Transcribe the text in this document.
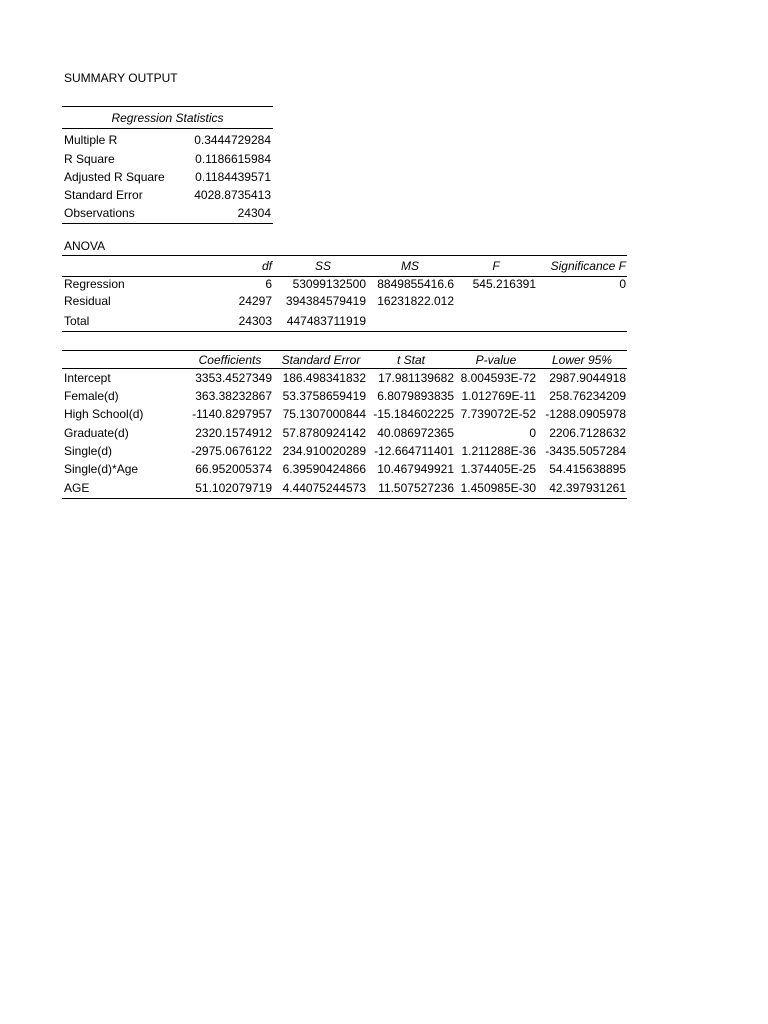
SUMMARY OUTPUT
Regression Statistics
Multiple R	0.3444729284
R Square	0.1186615984
Adjusted R Square	0.1184439571
Standard Error	4028.8735413
Observations	24304
ANOVA
df	SS	MS	F	Significance F
Regression	6	53099132500 8849855416.6	545.216391	0
Residual	24297	394384579419 16231822.012
Total	24303	447483711919
Coefficients	Standard Error	t Stat	P-value	Lower 95%
Intercept	3353.4527349 186.498341832	17.981139682 8.004593E-72	2987.9044918
Female(d)	363.38232867 53.3758659419 6.8079893835 1.012769E-11	258.76234209
High School(d)	-1140.8297957 75.1307000844 -15.184602225 7.739072E-52 -1288.0905978
Graduate(d)	2320.1574912 57.8780924142 40.086972365	0	2206.7128632
Single(d)	-2975.0676122 234.910020289 -12.664711401 1.211288E-36 -3435.5057284
Single(d)*Age	66.952005374 6.39590424866 10.467949921 1.374405E-25	54.415638895
AGE	51.102079719 4.44075244573	11.507527236 1.450985E-30	42.397931261
